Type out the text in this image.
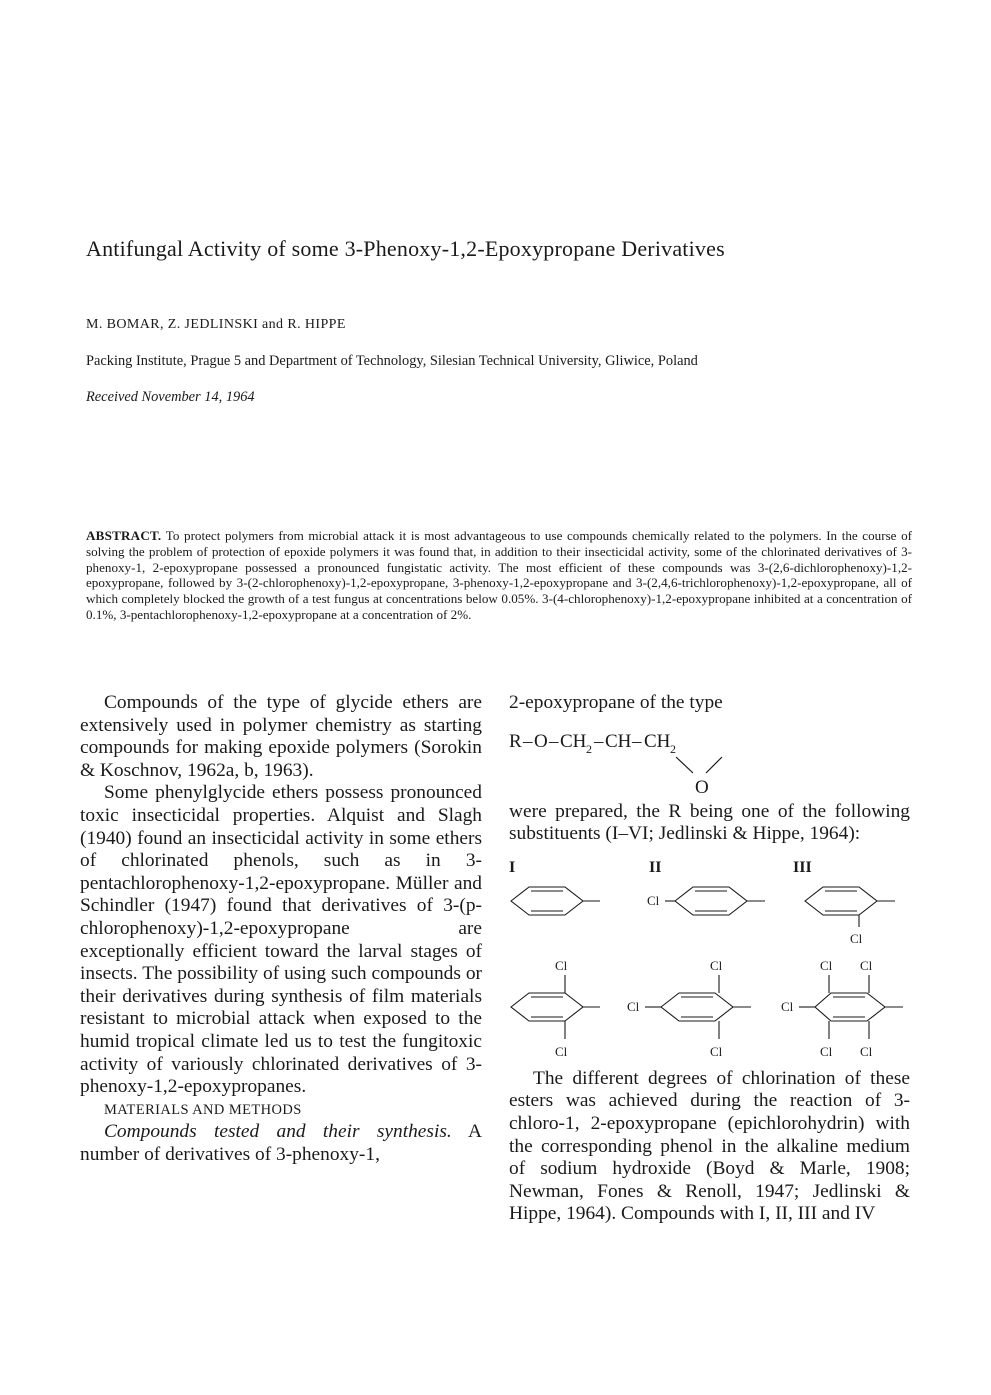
Antifungal Activity of some 3-Phenoxy-1,2-Epoxypropane Derivatives
M. BOMAR, Z. JEDLINSKI and R. HIPPE
Packing Institute, Prague 5 and Department of Technology, Silesian Technical University, Gliwice, Poland
Received November 14, 1964
ABSTRACT. To protect polymers from microbial attack it is most advantageous to use compounds chemically related to the polymers. In the course of solving the problem of protection of epoxide polymers it was found that, in addition to their insecticidal activity, some of the chlorinated derivatives of 3-phenoxy-1, 2-epoxypropane possessed a pronounced fungistatic activity. The most efficient of these compounds was 3-(2,6-dichlorophenoxy)-1,2-epoxypropane, followed by 3-(2-chlorophenoxy)-1,2-epoxypropane, 3-phenoxy-1,2-epoxypropane and 3-(2,4,6-trichlorophenoxy)-1,2-epoxypropane, all of which completely blocked the growth of a test fungus at concentrations below 0.05%. 3-(4-chlorophenoxy)-1,2-epoxypropane inhibited at a concentration of 0.1%, 3-pentachlorophenoxy-1,2-epoxypropane at a concentration of 2%.

Compounds of the type of glycide ethers are extensively used in polymer chemistry as starting compounds for making epoxide polymers (Sorokin & Koschnov, 1962a, b, 1963).

Some phenylglycide ethers possess pronounced toxic insecticidal properties. Alquist and Slagh (1940) found an insecticidal activity in some ethers of chlorinated phenols, such as in 3-pentachlorophenoxy-1,2-epoxypropane. Müller and Schindler (1947) found that derivatives of 3-(p-chlorophenoxy)-1,2-epoxypropane are exceptionally efficient toward the larval stages of insects. The possibility of using such compounds or their derivatives during synthesis of film materials resistant to microbial attack when exposed to the humid tropical climate led us to test the fungitoxic activity of variously chlorinated derivatives of 3-phenoxy-1,2-epoxypropanes.

MATERIALS AND METHODS

Compounds tested and their synthesis. A number of derivatives of 3-phenoxy-1,

2-epoxypropane of the type

R – O – CH 2 – CH – CH 2
O

were prepared, the R being one of the following substituents (I–VI; Jedlinski & Hippe, 1964):

I	II	III
Cl
Cl
Cl
Cl
Cl
Cl
Cl
Cl
Cl Cl
Cl Cl

The different degrees of chlorination of these esters was achieved during the reaction of 3-chloro-1, 2-epoxypropane (epichlorohydrin) with the corresponding phenol in the alkaline medium of sodium hydroxide (Boyd & Marle, 1908; Newman, Fones & Renoll, 1947; Jedlinski & Hippe, 1964). Compounds with I, II, III and IV
